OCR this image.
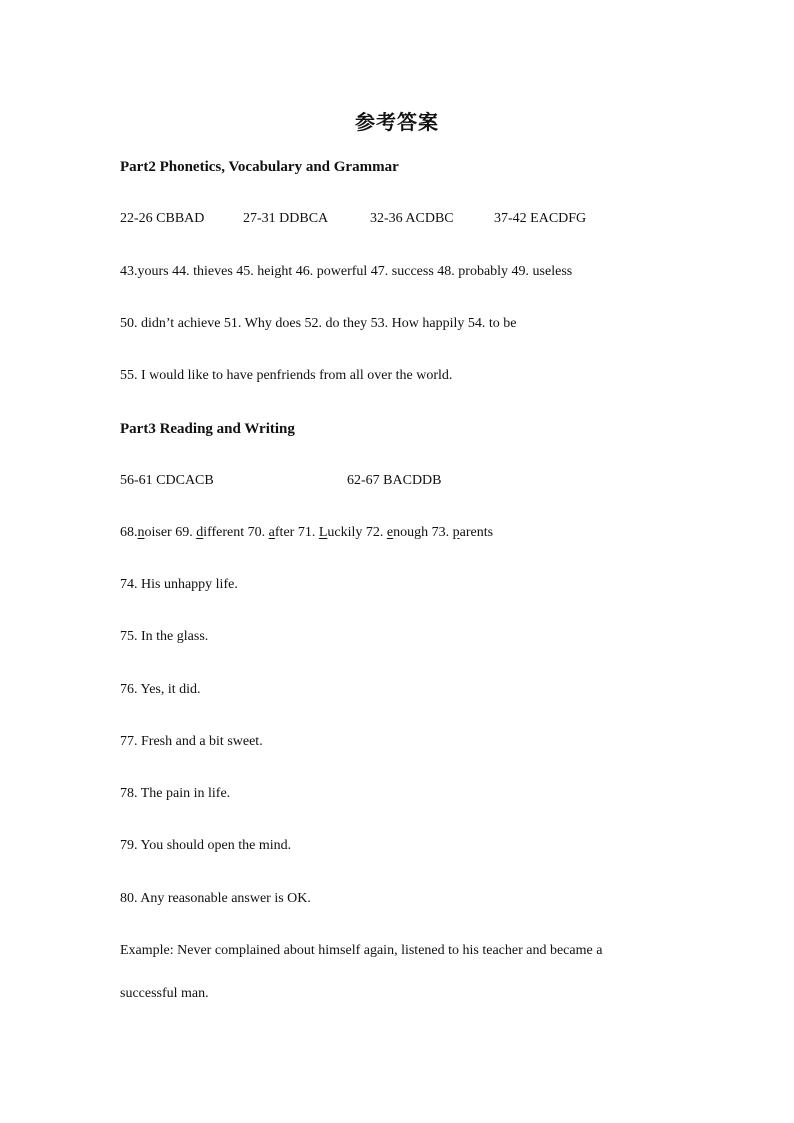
参考答案
Part2 Phonetics, Vocabulary and Grammar
22-26 CBBAD	27-31 DDBCA	32-36 ACDBC	37-42 EACDFG
43.yours 44. thieves 45. height 46. powerful 47. success 48. probably 49. useless
50. didn’t achieve 51. Why does 52. do they 53. How happily 54. to be
55. I would like to have penfriends from all over the world.
Part3 Reading and Writing
56-61 CDCACB	62-67 BACDDB
68.noiser 69. different 70. after 71. Luckily 72. enough 73. parents
74. His unhappy life.
75. In the glass.
76. Yes, it did.
77. Fresh and a bit sweet.
78. The pain in life.
79. You should open the mind.
80. Any reasonable answer is OK.
Example: Never complained about himself again, listened to his teacher and became a
successful man.
